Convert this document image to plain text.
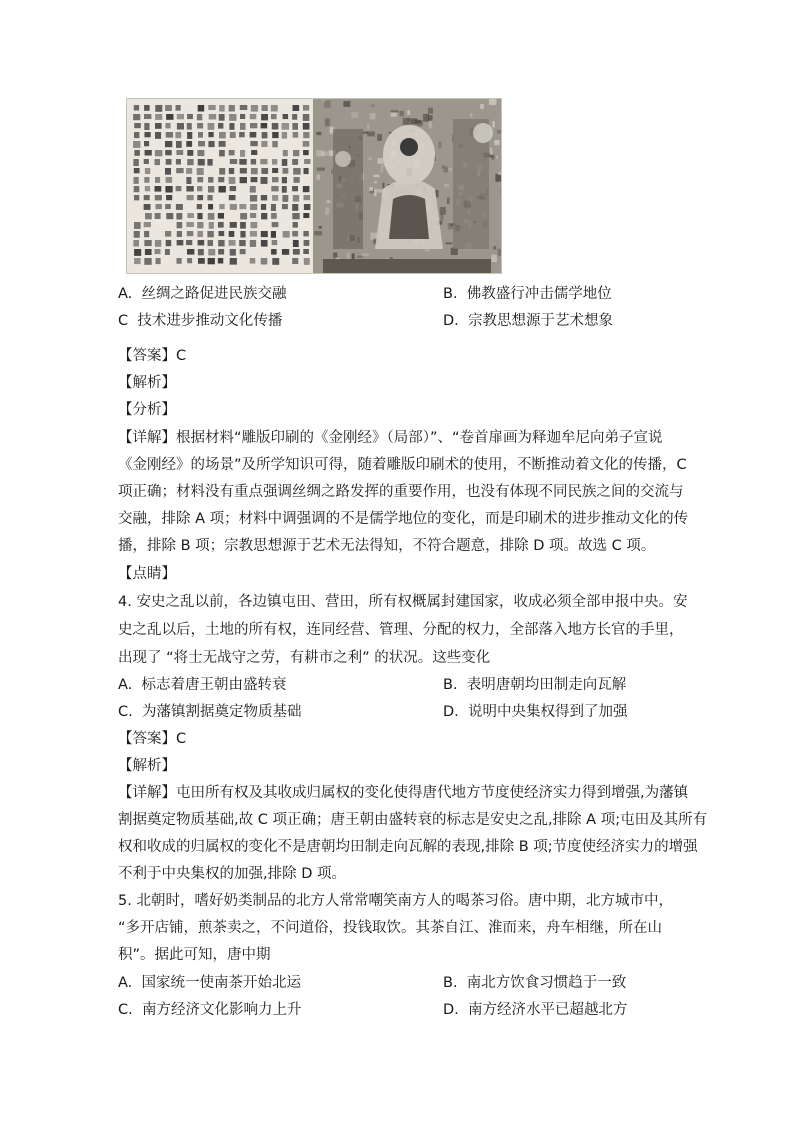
A. 丝绸之路促进民族交融	B. 佛教盛行冲击儒学地位
C 技术进步推动文化传播	D. 宗教思想源于艺术想象
【答案】C
【解析】
【分析】
【详解】根据材料“雕版印刷的《金刚经》（局部）”、“卷首扉画为释迦牟尼向弟子宣说
《金刚经》的场景”及所学知识可得，随着雕版印刷术的使用，不断推动着文化的传播，C
项正确；材料没有重点强调丝绸之路发挥的重要作用，也没有体现不同民族之间的交流与
交融，排除 A 项；材料中调强调的不是儒学地位的变化，而是印刷术的进步推动文化的传
播，排除 B 项；宗教思想源于艺术无法得知，不符合题意，排除 D 项。故选 C 项。
【点睛】
4. 安史之乱以前，各边镇屯田、营田，所有权概属封建国家，收成必须全部申报中央。安
史之乱以后，土地的所有权，连同经营、管理、分配的权力，全部落入地方长官的手里，
出现了 “将士无战守之劳，有耕市之利” 的状况。这些变化
A. 标志着唐王朝由盛转衰	B. 表明唐朝均田制走向瓦解
C. 为藩镇割据奠定物质基础	D. 说明中央集权得到了加强
【答案】C
【解析】
【详解】屯田所有权及其收成归属权的变化使得唐代地方节度使经济实力得到增强,为藩镇
割据奠定物质基础,故 C 项正确；唐王朝由盛转衰的标志是安史之乱,排除 A 项;屯田及其所有
权和收成的归属权的变化不是唐朝均田制走向瓦解的表现,排除 B 项;节度使经济实力的增强
不利于中央集权的加强,排除 D 项。
5. 北朝时，嗜好奶类制品的北方人常常嘲笑南方人的喝茶习俗。唐中期，北方城市中，
“多开店铺，煎茶卖之，不问道俗，投钱取饮。其茶自江、淮而来，舟车相继，所在山
积”。据此可知，唐中期
A. 国家统一使南茶开始北运	B. 南北方饮食习惯趋于一致
C. 南方经济文化影响力上升	D. 南方经济水平已超越北方
